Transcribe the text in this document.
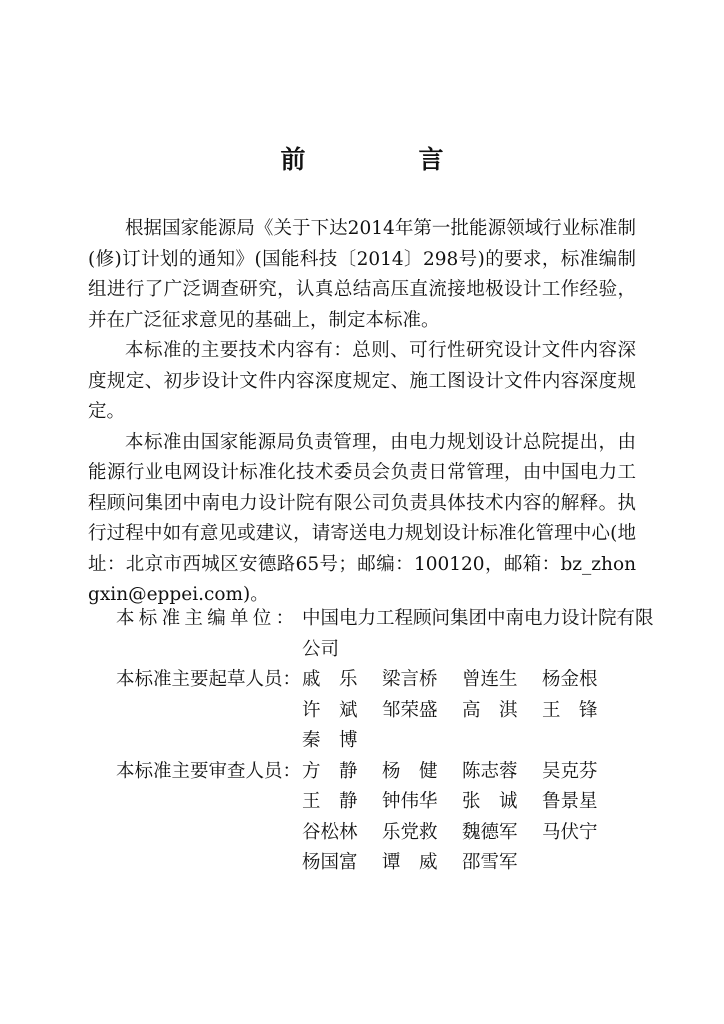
前　言

根据国家能源局《关于下达2014年第一批能源领域行业标准制(修)订计划的通知》(国能科技〔2014〕298号)的要求，标准编制组进行了广泛调查研究，认真总结高压直流接地极设计工作经验，并在广泛征求意见的基础上，制定本标准。

本标准的主要技术内容有：总则、可行性研究设计文件内容深度规定、初步设计文件内容深度规定、施工图设计文件内容深度规定。

本标准由国家能源局负责管理，由电力规划设计总院提出，由能源行业电网设计标准化技术委员会负责日常管理，由中国电力工程顾问集团中南电力设计院有限公司负责具体技术内容的解释。执行过程中如有意见或建议，请寄送电力规划设计标准化管理中心(地址：北京市西城区安德路65号；邮编：100120，邮箱：bz_zhongxin@eppei.com)。

本标准主编单位： 中国电力工程顾问集团中南电力设计院有限公司
本标准主要起草人员： 戚　乐	梁言桥	曾连生	杨金根
许　斌	邹荣盛	高　淇	王　锋
秦　博
本标准主要审查人员： 方　静	杨　健	陈志蓉	吴克芬
王　静	钟伟华	张　诚	鲁景星
谷松林	乐党救	魏德军	马伏宁
杨国富	谭　威	邵雪军
